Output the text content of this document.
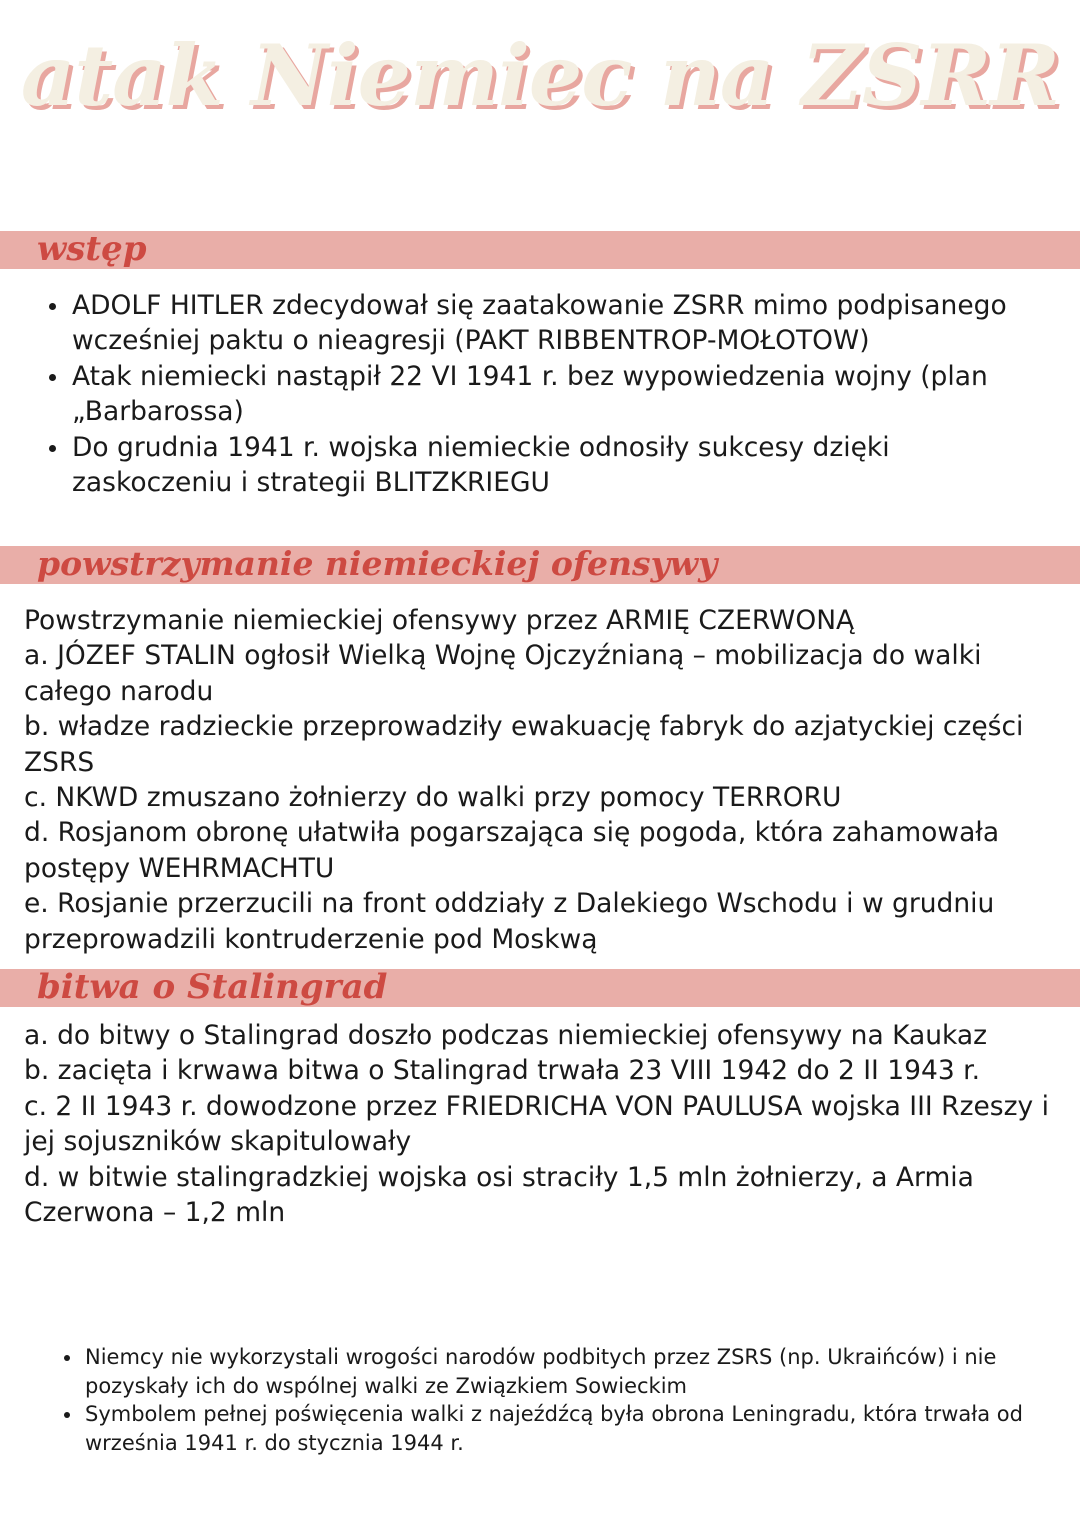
atak Niemiec na ZSRR
wstęp
ADOLF HITLER zdecydował się zaatakowanie ZSRR mimo podpisanego wcześniej paktu o nieagresji (PAKT RIBBENTROP-MOŁOTOW)
Atak niemiecki nastąpił 22 VI 1941 r. bez wypowiedzenia wojny (plan „Barbarossa)
Do grudnia 1941 r. wojska niemieckie odnosiły sukcesy dzięki zaskoczeniu i strategii BLITZKRIEGU
powstrzymanie niemieckiej ofensywy

Powstrzymanie niemieckiej ofensywy przez ARMIĘ CZERWONĄ

a. JÓZEF STALIN ogłosił Wielką Wojnę Ojczyźnianą – mobilizacja do walki całego narodu

b. władze radzieckie przeprowadziły ewakuację fabryk do azjatyckiej części ZSRS

c. NKWD zmuszano żołnierzy do walki przy pomocy TERRORU

d. Rosjanom obronę ułatwiła pogarszająca się pogoda, która zahamowała postępy WEHRMACHTU

e. Rosjanie przerzucili na front oddziały z Dalekiego Wschodu i w grudniu przeprowadzili kontruderzenie pod Moskwą

bitwa o Stalingrad

a. do bitwy o Stalingrad doszło podczas niemieckiej ofensywy na Kaukaz

b. zacięta i krwawa bitwa o Stalingrad trwała 23 VIII 1942 do 2 II 1943 r.

c. 2 II 1943 r. dowodzone przez FRIEDRICHA VON PAULUSA wojska III Rzeszy i jej sojuszników skapitulowały

d. w bitwie stalingradzkiej wojska osi straciły 1,5 mln żołnierzy, a Armia Czerwona – 1,2 mln

Niemcy nie wykorzystali wrogości narodów podbitych przez ZSRS (np. Ukraińców) i nie pozyskały ich do wspólnej walki ze Związkiem Sowieckim
Symbolem pełnej poświęcenia walki z najeźdźcą była obrona Leningradu, która trwała od września 1941 r. do stycznia 1944 r.
